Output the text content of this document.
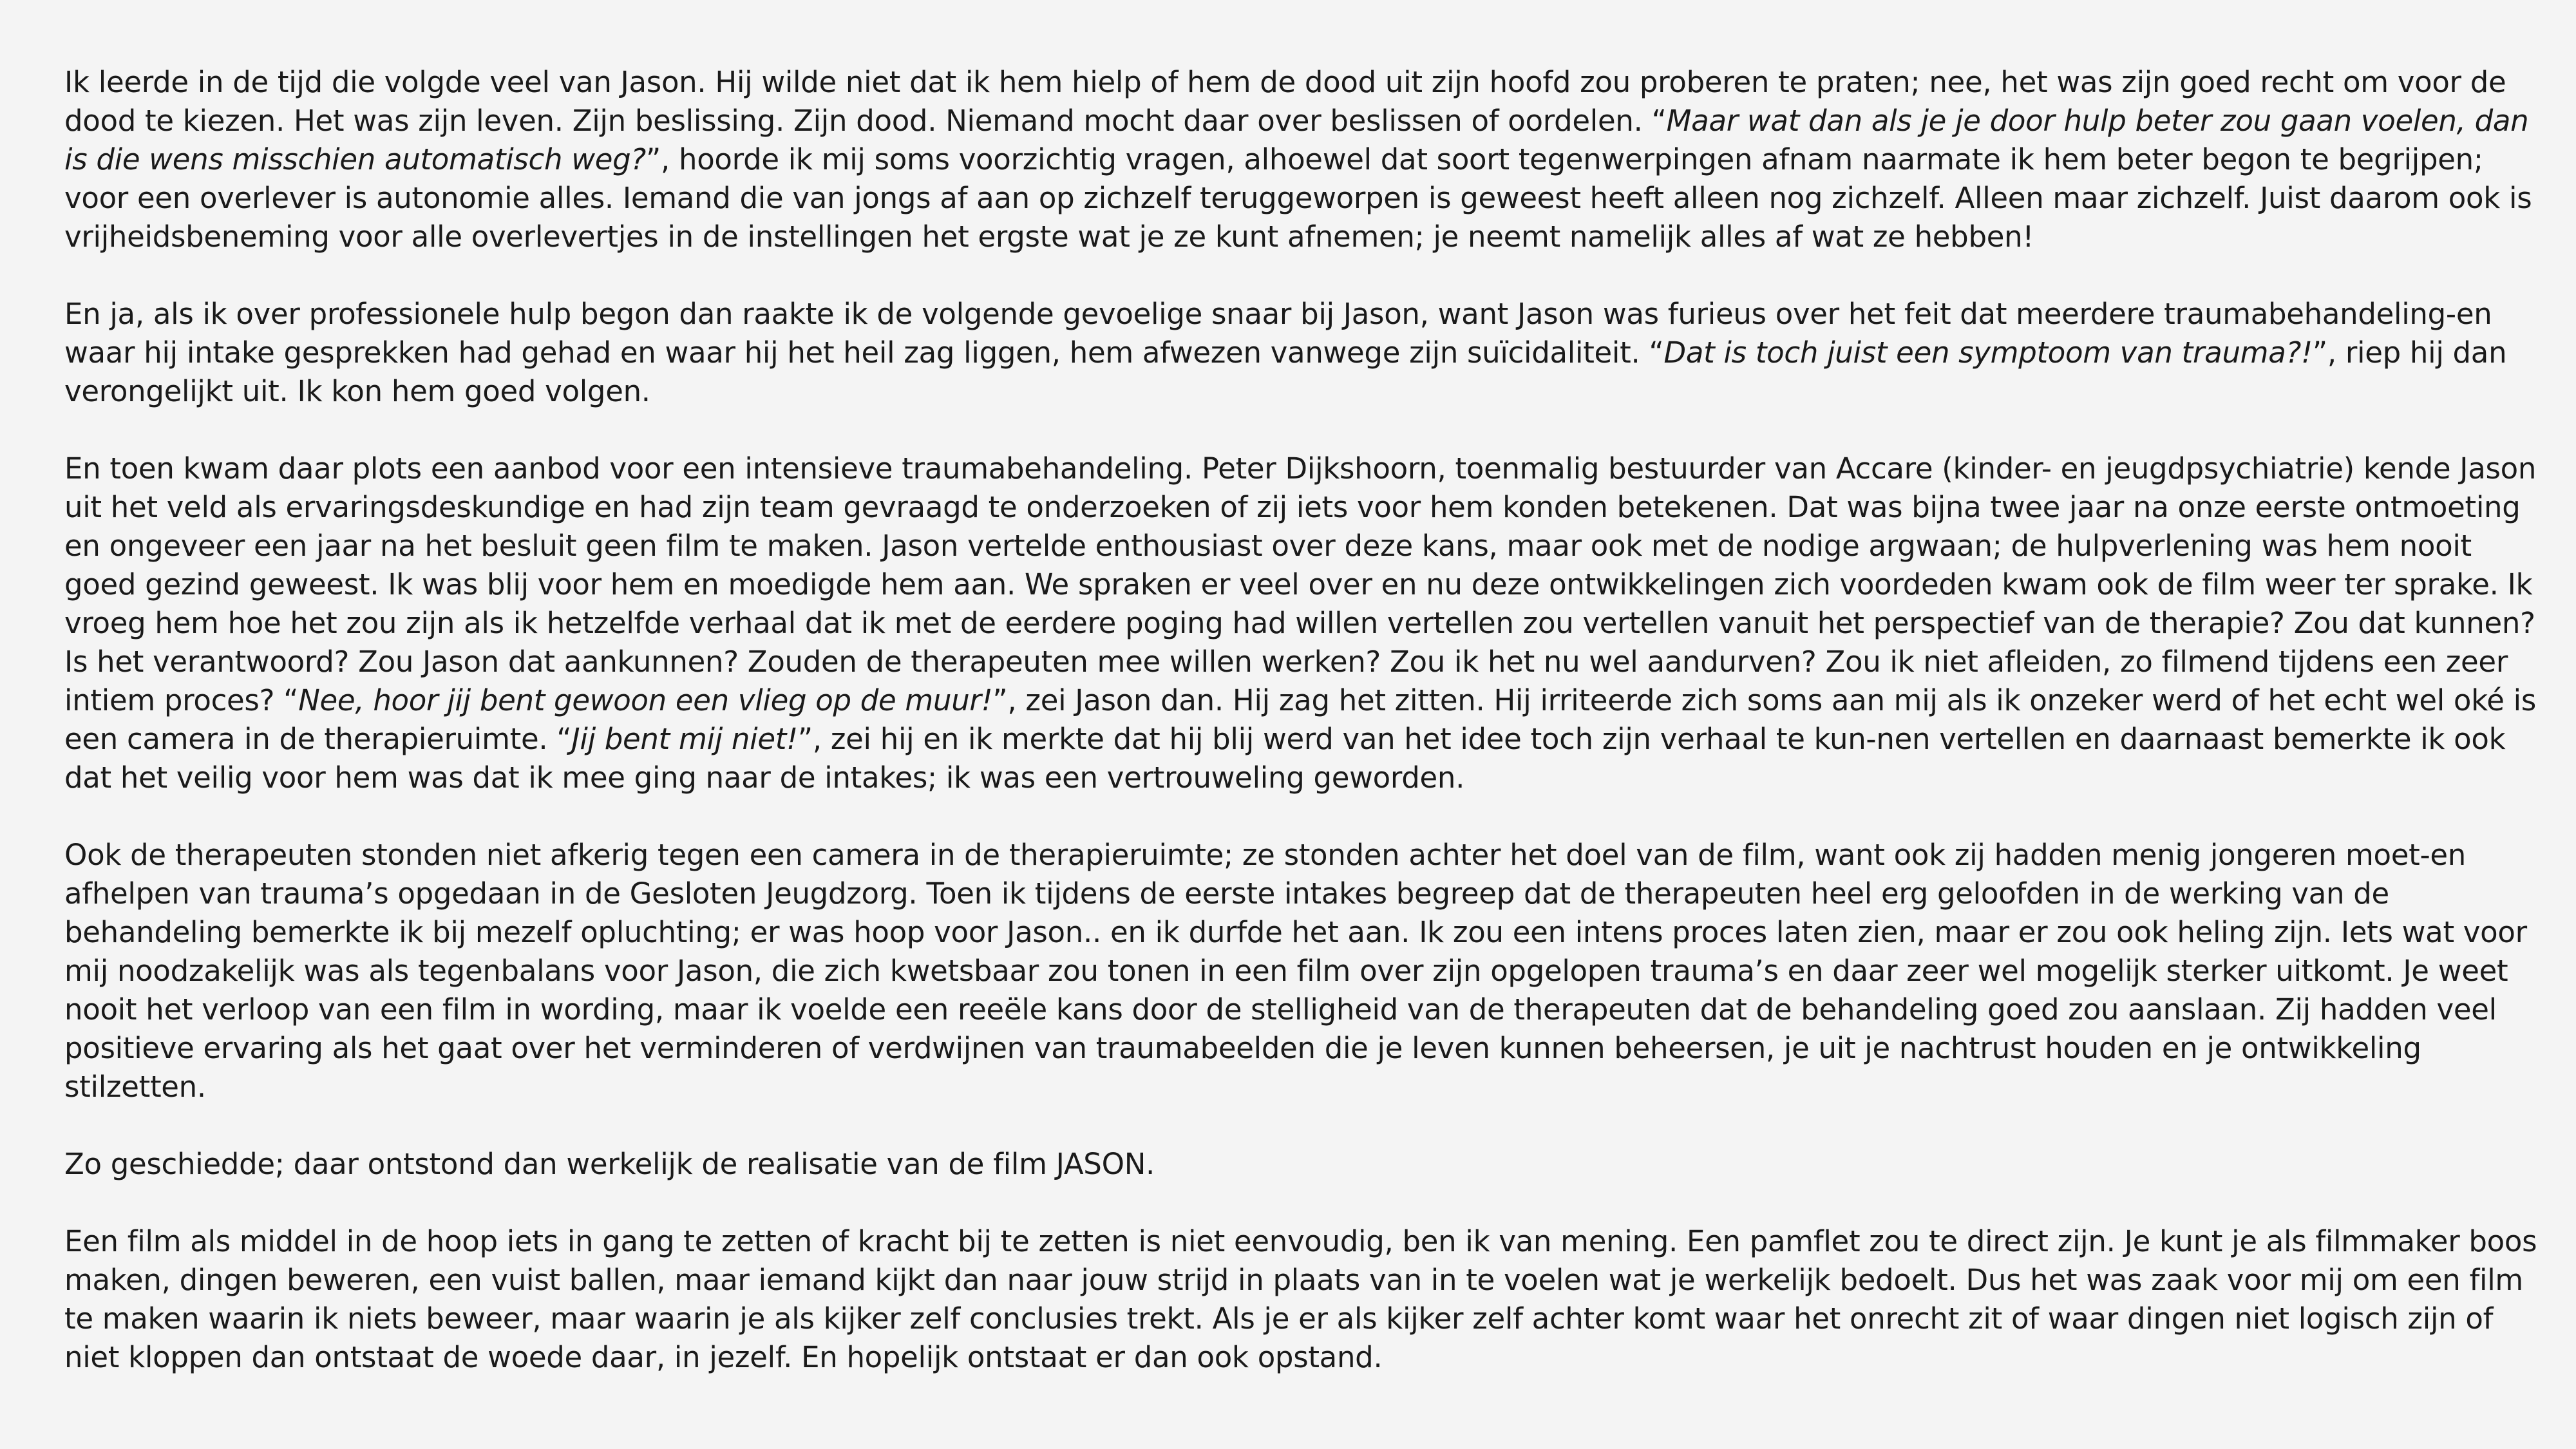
Ik leerde in de tijd die volgde veel van Jason. Hij wilde niet dat ik hem hielp of hem de dood uit zijn hoofd zou proberen te praten; nee, het was zijn goed recht om voor de dood te kiezen. Het was zijn leven. Zijn beslissing. Zijn dood. Niemand mocht daar over beslissen of oordelen. “Maar wat dan als je je door hulp beter zou gaan voelen, dan is die wens misschien automatisch weg?”, hoorde ik mij soms voorzichtig vragen, alhoewel dat soort tegenwerpingen afnam naarmate ik hem beter begon te begrijpen; voor een overlever is autonomie alles. Iemand die van jongs af aan op zichzelf teruggeworpen is geweest heeft alleen nog zichzelf. Alleen maar zichzelf. Juist daarom ook is vrijheidsbeneming voor alle overlevertjes in de instellingen het ergste wat je ze kunt afnemen; je neemt namelijk alles af wat ze hebben!

En ja, als ik over professionele hulp begon dan raakte ik de volgende gevoelige snaar bij Jason, want Jason was furieus over het feit dat meerdere traumabehandeling-en waar hij intake gesprekken had gehad en waar hij het heil zag liggen, hem afwezen vanwege zijn suïcidaliteit. “Dat is toch juist een symptoom van trauma?!”, riep hij dan verongelijkt uit. Ik kon hem goed volgen.

En toen kwam daar plots een aanbod voor een intensieve traumabehandeling. Peter Dijkshoorn, toenmalig bestuurder van Accare (kinder- en jeugdpsychiatrie) kende Jason uit het veld als ervaringsdeskundige en had zijn team gevraagd te onderzoeken of zij iets voor hem konden betekenen. Dat was bijna twee jaar na onze eerste ontmoeting en ongeveer een jaar na het besluit geen film te maken. Jason vertelde enthousiast over deze kans, maar ook met de nodige argwaan; de hulpverlening was hem nooit goed gezind geweest. Ik was blij voor hem en moedigde hem aan. We spraken er veel over en nu deze ontwikkelingen zich voordeden kwam ook de film weer ter sprake. Ik vroeg hem hoe het zou zijn als ik hetzelfde verhaal dat ik met de eerdere poging had willen vertellen zou vertellen vanuit het perspectief van de therapie? Zou dat kunnen? Is het verantwoord? Zou Jason dat aankunnen? Zouden de therapeuten mee willen werken? Zou ik het nu wel aandurven? Zou ik niet afleiden, zo filmend tijdens een zeer intiem proces? “Nee, hoor jij bent gewoon een vlieg op de muur!”, zei Jason dan. Hij zag het zitten. Hij irriteerde zich soms aan mij als ik onzeker werd of het echt wel oké is een camera in de therapieruimte. “Jij bent mij niet!”, zei hij en ik merkte dat hij blij werd van het idee toch zijn verhaal te kun-nen vertellen en daarnaast bemerkte ik ook dat het veilig voor hem was dat ik mee ging naar de intakes; ik was een vertrouweling geworden.

Ook de therapeuten stonden niet afkerig tegen een camera in de therapieruimte; ze stonden achter het doel van de film, want ook zij hadden menig jongeren moet-en afhelpen van trauma’s opgedaan in de Gesloten Jeugdzorg. Toen ik tijdens de eerste intakes begreep dat de therapeuten heel erg geloofden in de werking van de behandeling bemerkte ik bij mezelf opluchting; er was hoop voor Jason.. en ik durfde het aan. Ik zou een intens proces laten zien, maar er zou ook heling zijn. Iets wat voor mij noodzakelijk was als tegenbalans voor Jason, die zich kwetsbaar zou tonen in een film over zijn opgelopen trauma’s en daar zeer wel mogelijk sterker uitkomt. Je weet nooit het verloop van een film in wording, maar ik voelde een reeële kans door de stelligheid van de therapeuten dat de behandeling goed zou aanslaan. Zij hadden veel positieve ervaring als het gaat over het verminderen of verdwijnen van traumabeelden die je leven kunnen beheersen, je uit je nachtrust houden en je ontwikkeling stilzetten.

Zo geschiedde; daar ontstond dan werkelijk de realisatie van de film JASON.

Een film als middel in de hoop iets in gang te zetten of kracht bij te zetten is niet eenvoudig, ben ik van mening. Een pamflet zou te direct zijn. Je kunt je als filmmaker boos maken, dingen beweren, een vuist ballen, maar iemand kijkt dan naar jouw strijd in plaats van in te voelen wat je werkelijk bedoelt. Dus het was zaak voor mij om een film te maken waarin ik niets beweer, maar waarin je als kijker zelf conclusies trekt. Als je er als kijker zelf achter komt waar het onrecht zit of waar dingen niet logisch zijn of niet kloppen dan ontstaat de woede daar, in jezelf. En hopelijk ontstaat er dan ook opstand.
